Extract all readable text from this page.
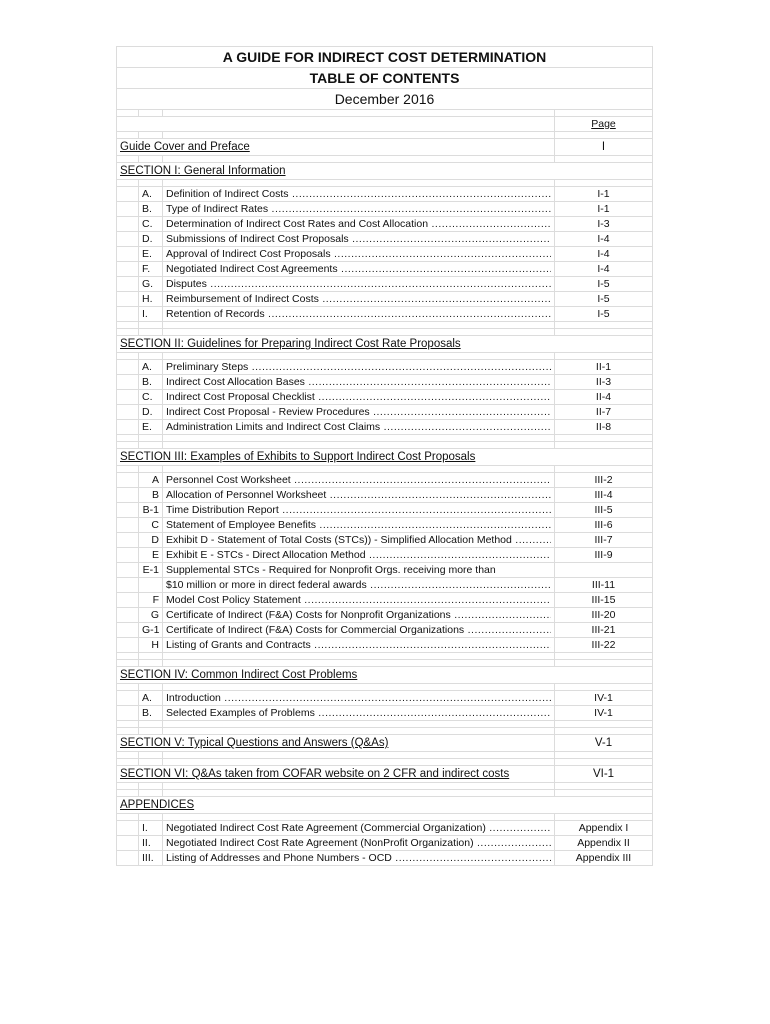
A GUIDE FOR INDIRECT COST DETERMINATION			
TABLE OF CONTENTS			
December 2016			

			Page

Guide Cover and Preface			I

SECTION I: General Information			

	A.	Definition of Indirect Costs .....	I-1
	B.	Type of Indirect Rates .....	I-1
	C.	Determination of Indirect Cost Rates and Cost Allocation .....	I-3
	D.	Submissions of Indirect Cost Proposals .....	I-4
	E.	Approval of Indirect Cost Proposals .....	I-4
	F.	Negotiated Indirect Cost Agreements .....	I-4
	G.	Disputes .....	I-5
	H.	Reimbursement of Indirect Costs .....	I-5
	I.	Retention of Records .....	I-5

SECTION II: Guidelines for Preparing Indirect Cost Rate Proposals			

	A.	Preliminary Steps .....	II-1
	B.	Indirect Cost Allocation Bases .....	II-3
	C.	Indirect Cost Proposal Checklist .....	II-4
	D.	Indirect Cost Proposal - Review Procedures .....	II-7
	E.	Administration Limits and Indirect Cost Claims .....	II-8

SECTION III: Examples of Exhibits to Support Indirect Cost Proposals			

	A	Personnel Cost Worksheet .....	III-2
	B	Allocation of Personnel Worksheet .....	III-4
	B-1	Time Distribution Report .....	III-5
	C	Statement of Employee Benefits .....	III-6
	D	Exhibit D - Statement of Total Costs (STCs)) - Simplified Allocation Method .....	III-7
	E	Exhibit E - STCs - Direct Allocation Method .....	III-9
	E-1	Supplemental STCs - Required for Nonprofit Orgs. receiving more than	

		$10 million or more in direct federal awards .....	III-11
	F	Model Cost Policy Statement .....	III-15
	G	Certificate of Indirect (F&A) Costs for Nonprofit Organizations .....	III-20
	G-1	Certificate of Indirect (F&A) Costs for Commercial Organizations .....	III-21
	H	Listing of Grants and Contracts .....	III-22

SECTION IV: Common Indirect Cost Problems			

	A.	Introduction .....	IV-1
	B.	Selected Examples of Problems .....	IV-1

SECTION V: Typical Questions and Answers (Q&As)			V-1

SECTION VI: Q&As taken from COFAR website on 2 CFR and indirect costs			VI-1

APPENDICES			

	I.	Negotiated Indirect Cost Rate Agreement (Commercial Organization) .....	Appendix I
	II.	Negotiated Indirect Cost Rate Agreement (NonProfit Organization) .....	Appendix II
	III.	Listing of Addresses and Phone Numbers - OCD .....	Appendix III
